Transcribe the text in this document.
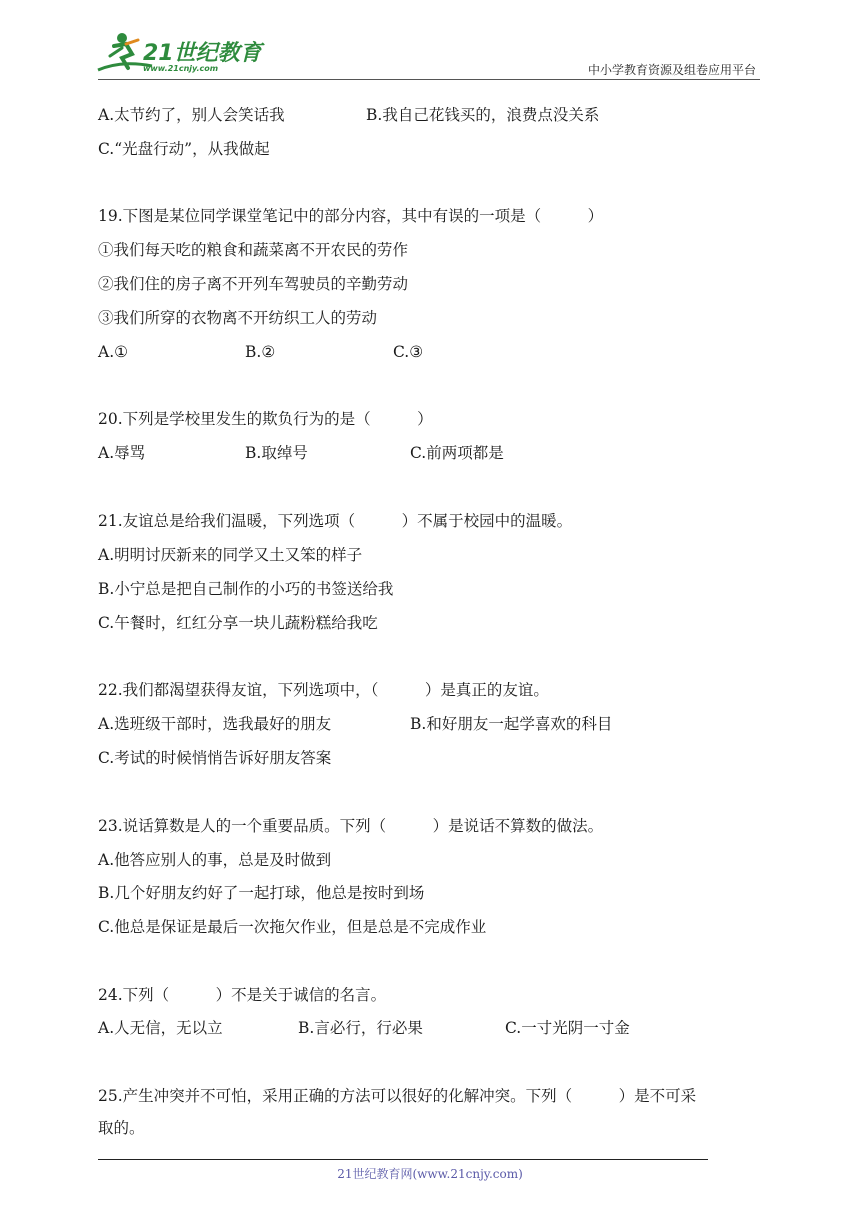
21世纪教育
www.21cnjy.com	中小学教育资源及组卷应用平台
A.太节约了，别人会笑话我	B.我自己花钱买的，浪费点没关系
C.“光盘行动”，从我做起
19.下图是某位同学课堂笔记中的部分内容，其中有误的一项是（　　　）
①我们每天吃的粮食和蔬菜离不开农民的劳作
②我们住的房子离不开列车驾驶员的辛勤劳动
③我们所穿的衣物离不开纺织工人的劳动
A.①	B.②	C.③
20.下列是学校里发生的欺负行为的是（　　　）
A.辱骂	B.取绰号	C.前两项都是
21.友谊总是给我们温暖，下列选项（　　　）不属于校园中的温暖。
A.明明讨厌新来的同学又土又笨的样子
B.小宁总是把自己制作的小巧的书签送给我
C.午餐时，红红分享一块儿蔬粉糕给我吃
22.我们都渴望获得友谊，下列选项中，（　　　）是真正的友谊。
A.选班级干部时，选我最好的朋友	B.和好朋友一起学喜欢的科目
C.考试的时候悄悄告诉好朋友答案
23.说话算数是人的一个重要品质。下列（　　　）是说话不算数的做法。
A.他答应别人的事，总是及时做到
B.几个好朋友约好了一起打球，他总是按时到场
C.他总是保证是最后一次拖欠作业，但是总是不完成作业
24.下列（　　　）不是关于诚信的名言。
A.人无信，无以立	B.言必行，行必果	C.一寸光阴一寸金
25.产生冲突并不可怕，采用正确的方法可以很好的化解冲突。下列（　　　）是不可采
取的。
21世纪教育网(www.21cnjy.com)
